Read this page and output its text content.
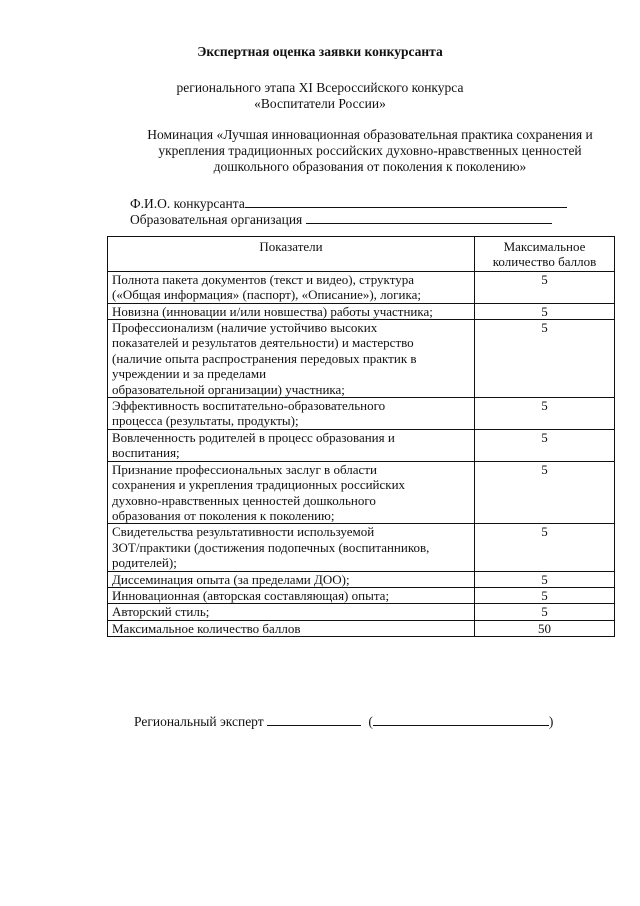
Экспертная оценка заявки конкурсанта
регионального этапа XI Всероссийского конкурса
«Воспитатели России»
Номинация «Лучшая инновационная образовательная практика сохранения и
укрепления традиционных российских духовно-нравственных ценностей
дошкольного образования от поколения к поколению»
Ф.И.О. конкурсанта
Образовательная организация
Показатели	Максимальное
количество баллов
Полнота пакета документов (текст и видео), структура
(«Общая информация» (паспорт), «Описание»), логика;	5
Новизна (инновации и/или новшества) работы участника;	5
Профессионализм (наличие устойчиво высоких
показателей и результатов деятельности) и мастерство
(наличие опыта распространения передовых практик в
учреждении и за пределами
образовательной организации) участника;	5
Эффективность воспитательно-образовательного
процесса (результаты, продукты);	5
Вовлеченность родителей в процесс образования и
воспитания;	5
Признание профессиональных заслуг в области
сохранения и укрепления традиционных российских
духовно-нравственных ценностей дошкольного
образования от поколения к поколению;	5
Свидетельства результативности используемой
ЗОТ/практики (достижения подопечных (воспитанников,
родителей);	5
Диссеминация опыта (за пределами ДОО);	5
Инновационная (авторская составляющая) опыта;	5
Авторский стиль;	5
Максимальное количество баллов	50
Региональный эксперт	(	)
